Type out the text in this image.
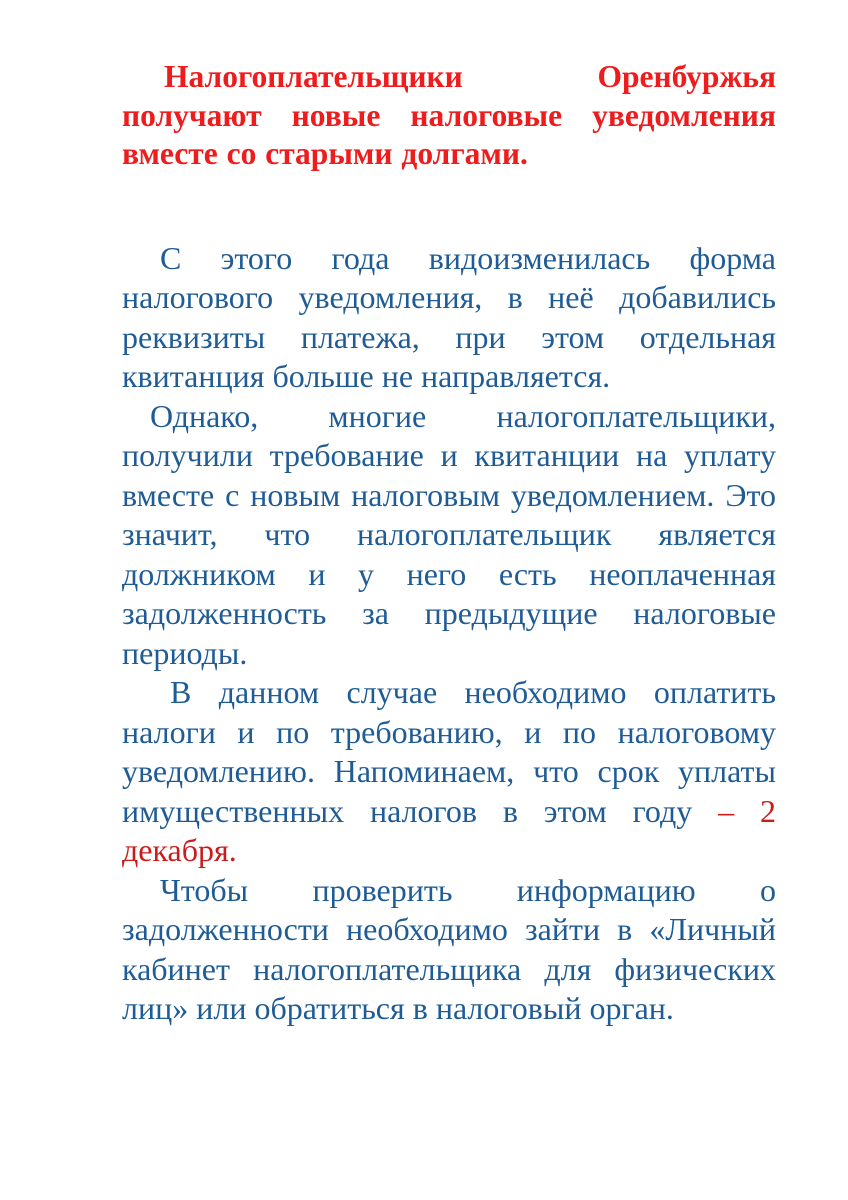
Налогоплательщики Оренбуржья получают новые налоговые уведомления вместе со старыми долгами.

С этого года видоизменилась форма налогового уведомления, в неё добавились реквизиты платежа, при этом отдельная квитанция больше не направляется.

Однако, многие налогоплательщики, получили требование и квитанции на уплату вместе с новым налоговым уведомлением. Это значит, что налогоплательщик является должником и у него есть неоплаченная задолженность за предыдущие налоговые периоды.

В данном случае необходимо оплатить налоги и по требованию, и по налоговому уведомлению. Напоминаем, что срок уплаты имущественных налогов в этом году – 2 декабря.

Чтобы проверить информацию о задолженности необходимо зайти в «Личный кабинет налогоплательщика для физических лиц» или обратиться в налоговый орган.
